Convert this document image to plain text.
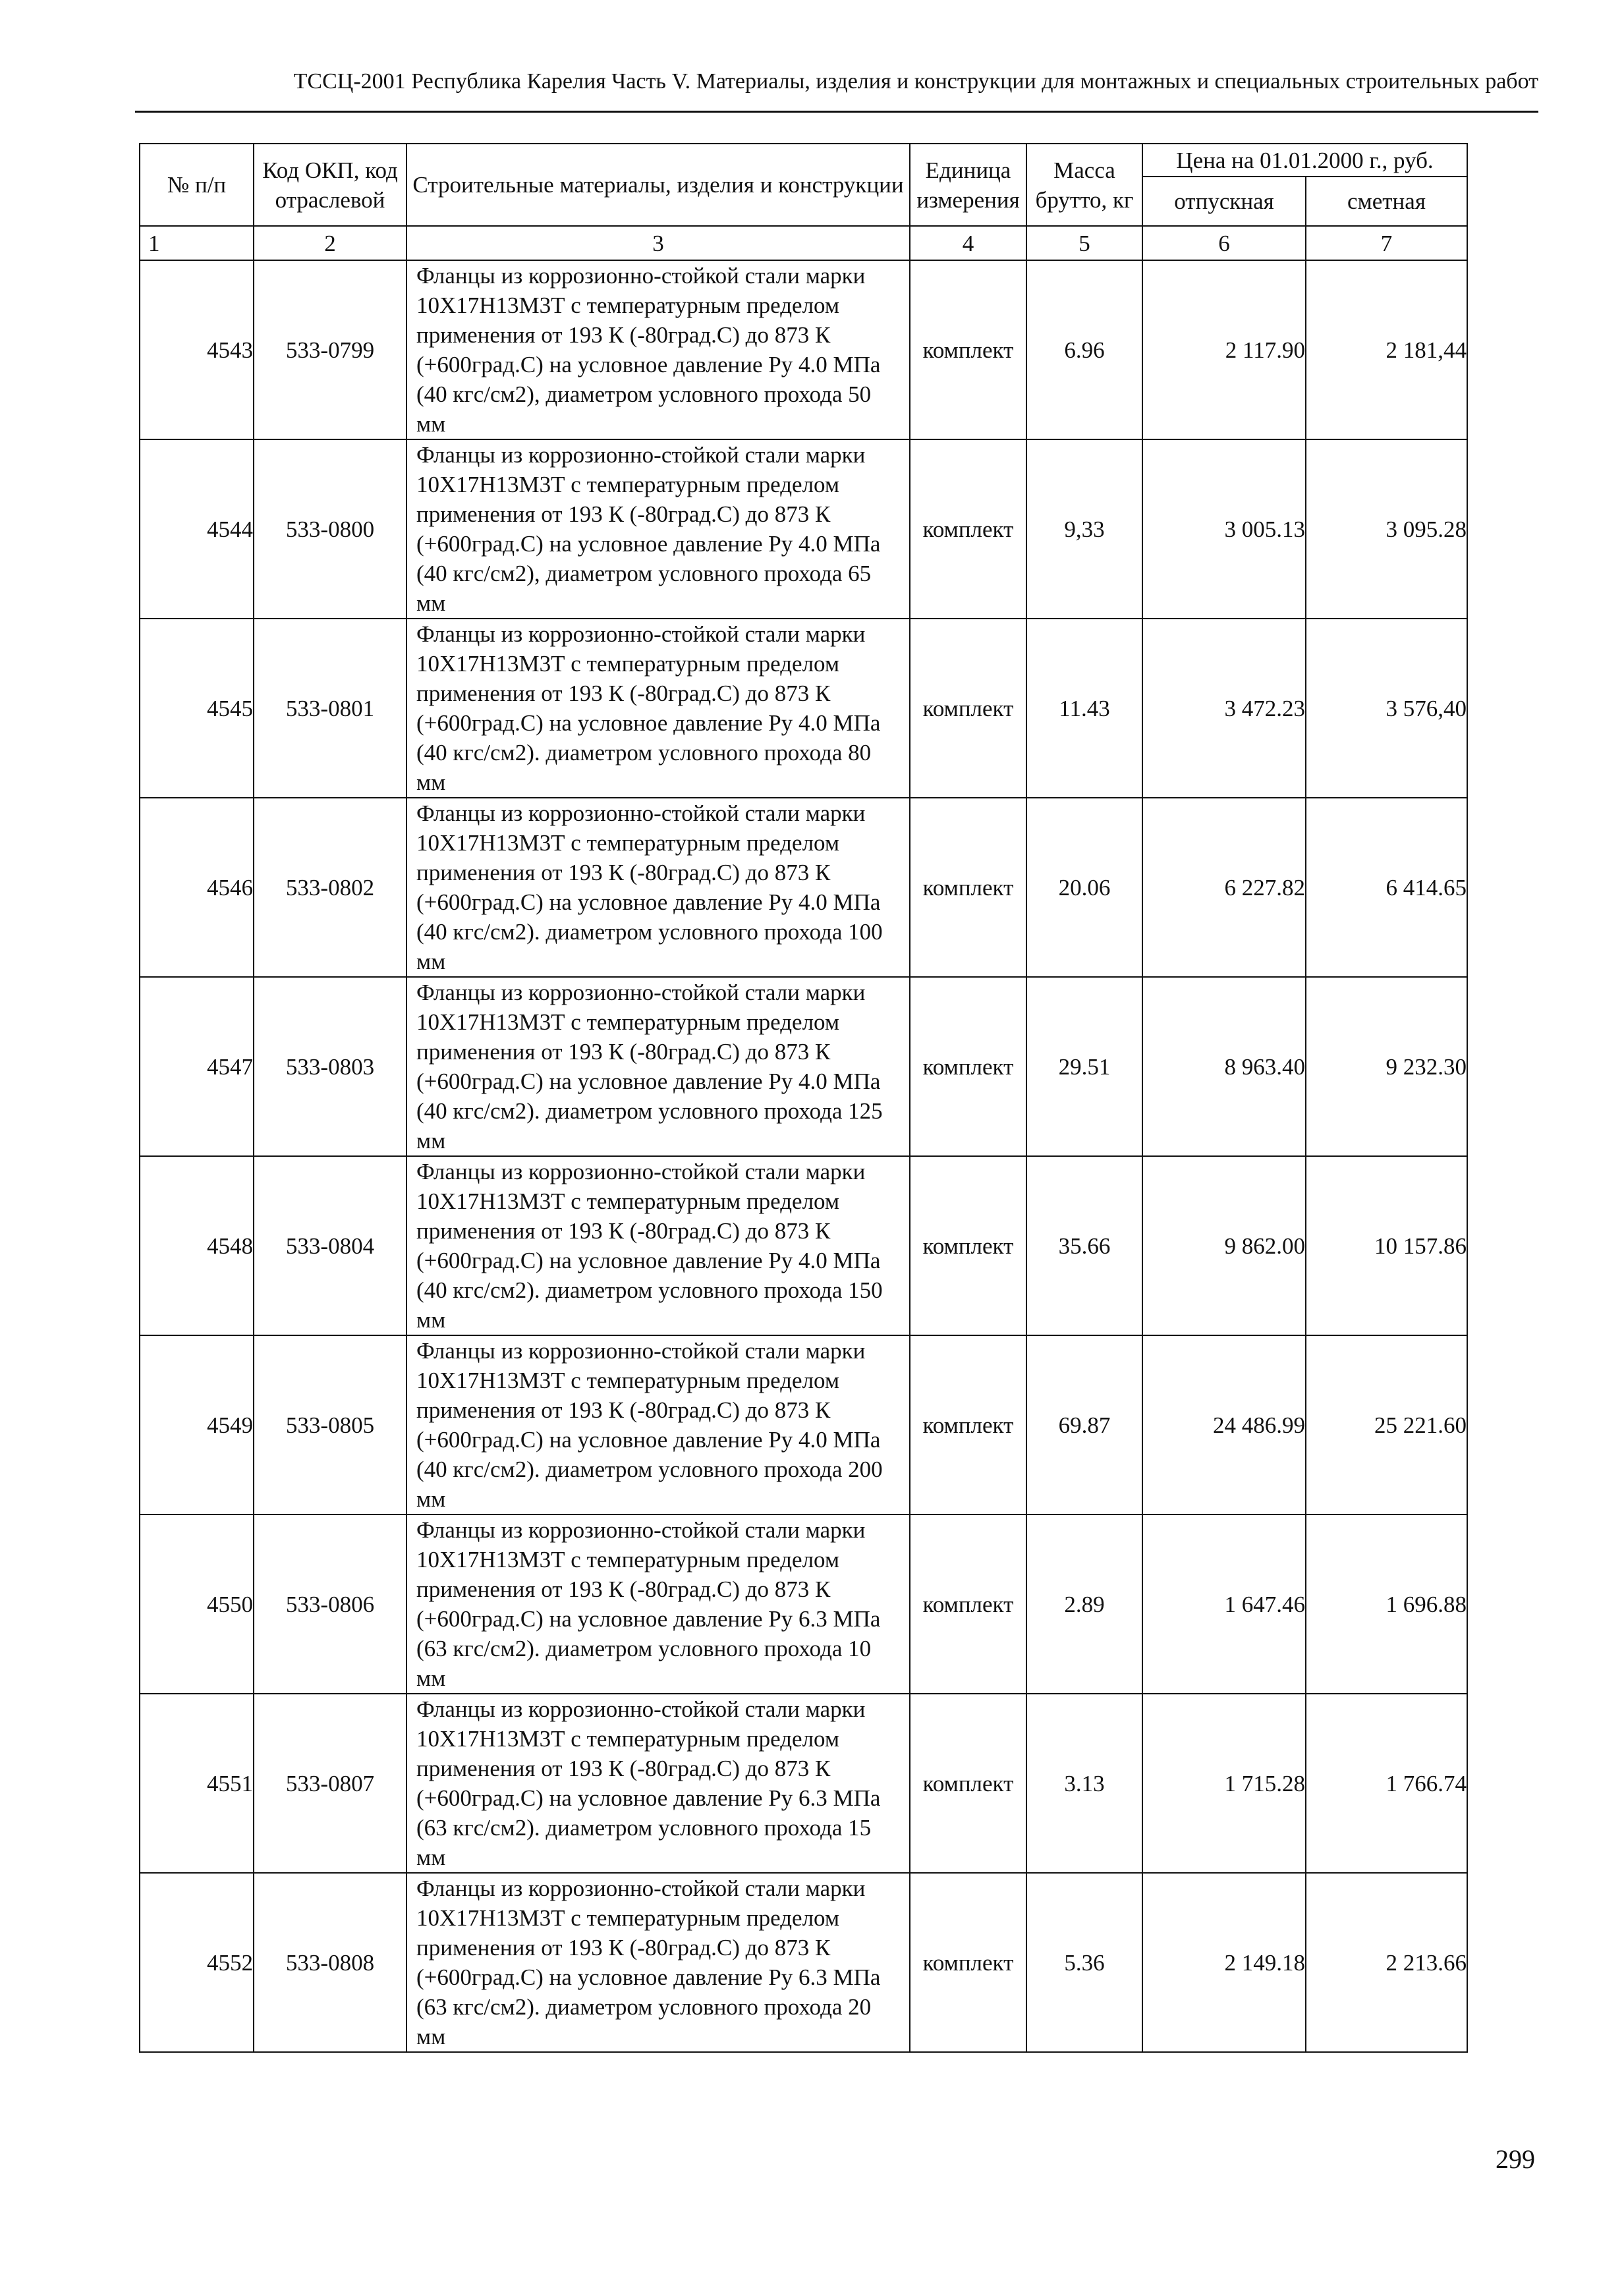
ТССЦ-2001 Республика Карелия Часть V. Материалы, изделия и конструкции для монтажных и специальных строительных работ
№ п/п	Код ОКП, код отраслевой	Строительные материалы, изделия и конструкции	Единица измерения	Масса брутто, кг	Цена на 01.01.2000 г., руб.	
					отпускная	сметная
1	2	3	4	5	6	7
4543	533-0799	Фланцы из коррозионно-стойкой стали марки 10Х17Н13М3Т с температурным пределом применения от 193 К (-80град.С) до 873 К (+600град.С) на условное давление Ру 4.0 МПа (40 кгс/см2), диаметром условного прохода 50 мм	комплект	6.96	2 117.90	2 181,44
4544	533-0800	Фланцы из коррозионно-стойкой стали марки 10Х17Н13М3Т с температурным пределом применения от 193 К (-80град.С) до 873 К (+600град.С) на условное давление Ру 4.0 МПа (40 кгс/см2), диаметром условного прохода 65 мм	комплект	9,33	3 005.13	3 095.28
4545	533-0801	Фланцы из коррозионно-стойкой стали марки 10Х17Н13М3Т с температурным пределом применения от 193 К (-80град.С) до 873 К (+600град.С) на условное давление Ру 4.0 МПа (40 кгс/см2). диаметром условного прохода 80 мм	комплект	11.43	3 472.23	3 576,40
4546	533-0802	Фланцы из коррозионно-стойкой стали марки 10Х17Н13М3Т с температурным пределом применения от 193 К (-80град.С) до 873 К (+600град.С) на условное давление Ру 4.0 МПа (40 кгс/см2). диаметром условного прохода 100 мм	комплект	20.06	6 227.82	6 414.65
4547	533-0803	Фланцы из коррозионно-стойкой стали марки 10Х17Н13М3Т с температурным пределом применения от 193 К (-80град.С) до 873 К (+600град.С) на условное давление Ру 4.0 МПа (40 кгс/см2). диаметром условного прохода 125 мм	комплект	29.51	8 963.40	9 232.30
4548	533-0804	Фланцы из коррозионно-стойкой стали марки 10Х17Н13М3Т с температурным пределом применения от 193 К (-80град.С) до 873 К (+600град.С) на условное давление Ру 4.0 МПа (40 кгс/см2). диаметром условного прохода 150 мм	комплект	35.66	9 862.00	10 157.86
4549	533-0805	Фланцы из коррозионно-стойкой стали марки 10Х17Н13М3Т с температурным пределом применения от 193 К (-80град.С) до 873 К (+600град.С) на условное давление Ру 4.0 МПа (40 кгс/см2). диаметром условного прохода 200 мм	комплект	69.87	24 486.99	25 221.60
4550	533-0806	Фланцы из коррозионно-стойкой стали марки 10Х17Н13М3Т с температурным пределом применения от 193 К (-80град.С) до 873 К (+600град.С) на условное давление Ру 6.3 МПа (63 кгс/см2). диаметром условного прохода 10 мм	комплект	2.89	1 647.46	1 696.88
4551	533-0807	Фланцы из коррозионно-стойкой стали марки 10Х17Н13М3Т с температурным пределом применения от 193 К (-80град.С) до 873 К (+600град.С) на условное давление Ру 6.3 МПа (63 кгс/см2). диаметром условного прохода 15 мм	комплект	3.13	1 715.28	1 766.74
4552	533-0808	Фланцы из коррозионно-стойкой стали марки 10Х17Н13М3Т с температурным пределом применения от 193 К (-80град.С) до 873 К (+600град.С) на условное давление Ру 6.3 МПа (63 кгс/см2). диаметром условного прохода 20 мм	комплект	5.36	2 149.18	2 213.66
299
